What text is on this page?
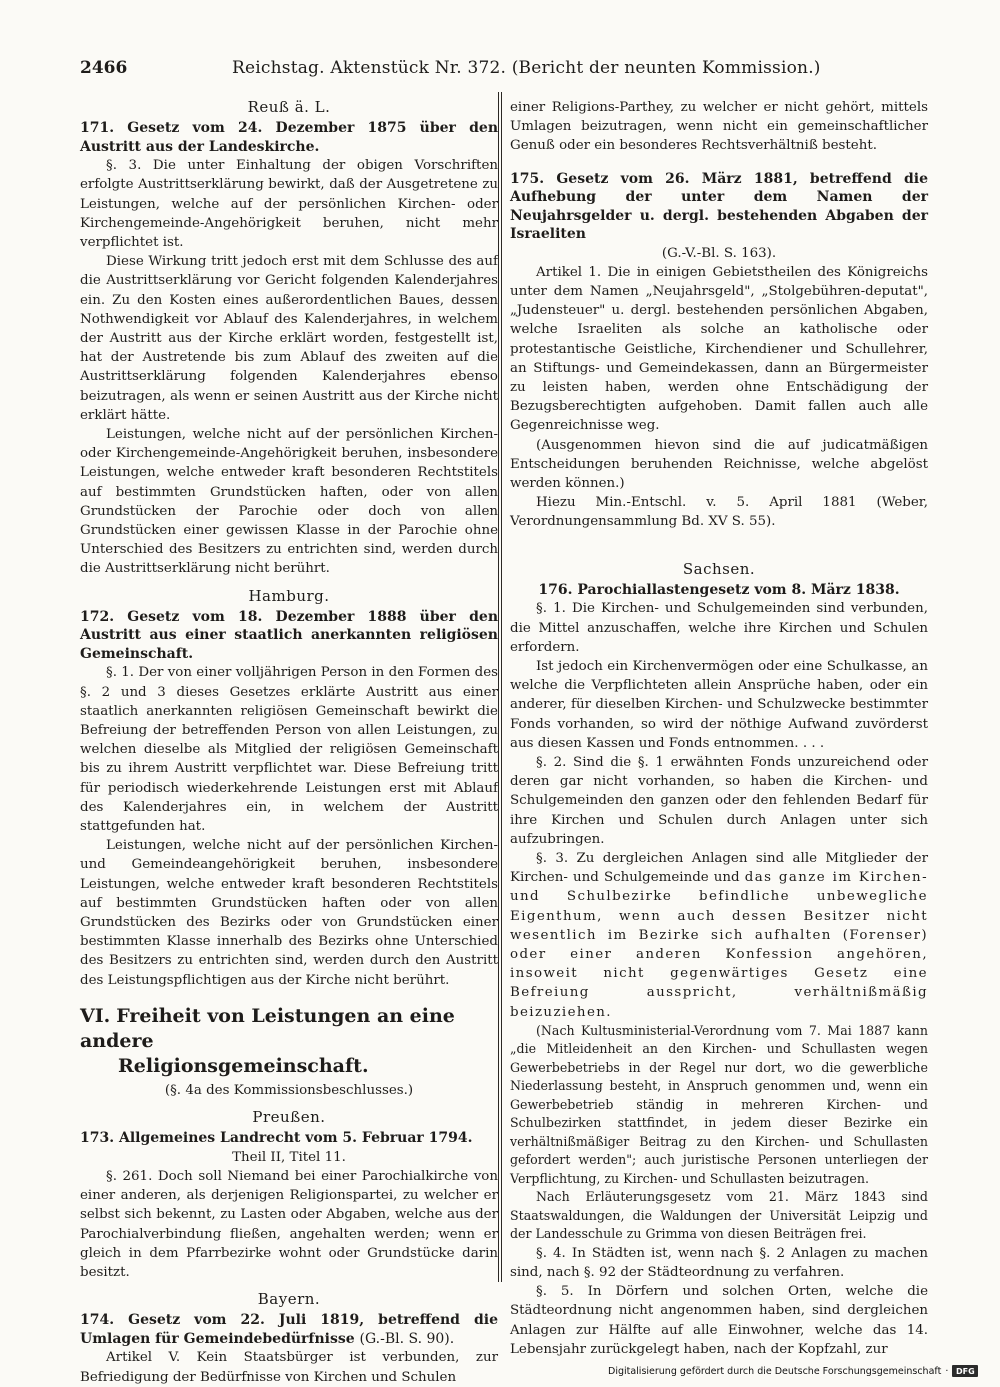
2466	Reichstag. Aktenstück Nr. 372. (Bericht der neunten Kommission.)
Reuß ä. L.

171. Gesetz vom 24. Dezember 1875 über den Austritt aus der Landeskirche.

§. 3. Die unter Einhaltung der obigen Vorschriften erfolgte Austrittserklärung bewirkt, daß der Ausgetretene zu Leistungen, welche auf der persönlichen Kirchen- oder Kirchengemeinde-Angehörigkeit beruhen, nicht mehr verpflichtet ist.

Diese Wirkung tritt jedoch erst mit dem Schlusse des auf die Austrittserklärung vor Gericht folgenden Kalenderjahres ein. Zu den Kosten eines außerordentlichen Baues, dessen Nothwendigkeit vor Ablauf des Kalenderjahres, in welchem der Austritt aus der Kirche erklärt worden, festgestellt ist, hat der Austretende bis zum Ablauf des zweiten auf die Austrittserklärung folgenden Kalenderjahres ebenso beizutragen, als wenn er seinen Austritt aus der Kirche nicht erklärt hätte.

Leistungen, welche nicht auf der persönlichen Kirchen- oder Kirchengemeinde-Angehörigkeit beruhen, insbesondere Leistungen, welche entweder kraft besonderen Rechtstitels auf bestimmten Grundstücken haften, oder von allen Grundstücken der Parochie oder doch von allen Grundstücken einer gewissen Klasse in der Parochie ohne Unterschied des Besitzers zu entrichten sind, werden durch die Austrittserklärung nicht berührt.

Hamburg.

172. Gesetz vom 18. Dezember 1888 über den Austritt aus einer staatlich anerkannten religiösen Gemeinschaft.

§. 1. Der von einer volljährigen Person in den Formen des §. 2 und 3 dieses Gesetzes erklärte Austritt aus einer staatlich anerkannten religiösen Gemeinschaft bewirkt die Befreiung der betreffenden Person von allen Leistungen, zu welchen dieselbe als Mitglied der religiösen Gemeinschaft bis zu ihrem Austritt verpflichtet war. Diese Befreiung tritt für periodisch wiederkehrende Leistungen erst mit Ablauf des Kalenderjahres ein, in welchem der Austritt stattgefunden hat.

Leistungen, welche nicht auf der persönlichen Kirchen- und Gemeindeangehörigkeit beruhen, insbesondere Leistungen, welche entweder kraft besonderen Rechtstitels auf bestimmten Grundstücken haften oder von allen Grundstücken des Bezirks oder von Grundstücken einer bestimmten Klasse innerhalb des Bezirks ohne Unterschied des Besitzers zu entrichten sind, werden durch den Austritt des Leistungspflichtigen aus der Kirche nicht berührt.

VI. Freiheit von Leistungen an eine andere
Religionsgemeinschaft.

(§. 4a des Kommissionsbeschlusses.)

Preußen.

173. Allgemeines Landrecht vom 5. Februar 1794.

Theil II, Titel 11.

§. 261. Doch soll Niemand bei einer Parochialkirche von einer anderen, als derjenigen Religionspartei, zu welcher er selbst sich bekennt, zu Lasten oder Abgaben, welche aus der Parochialverbindung fließen, angehalten werden; wenn er gleich in dem Pfarrbezirke wohnt oder Grundstücke darin besitzt.

Bayern.

174. Gesetz vom 22. Juli 1819, betreffend die Umlagen für Gemeindebedürfnisse (G.-Bl. S. 90).

Artikel V. Kein Staatsbürger ist verbunden, zur Befriedigung der Bedürfnisse von Kirchen und Schulen

einer Religions-Parthey, zu welcher er nicht gehört, mittels Umlagen beizutragen, wenn nicht ein gemeinschaftlicher Genuß oder ein besonderes Rechtsverhältniß besteht.

175. Gesetz vom 26. März 1881, betreffend die Aufhebung der unter dem Namen der Neujahrsgelder u. dergl. bestehenden Abgaben der Israeliten

(G.-V.-Bl. S. 163).

Artikel 1. Die in einigen Gebietstheilen des Königreichs unter dem Namen „Neujahrsgeld", „Stolgebühren-deputat", „Judensteuer" u. dergl. bestehenden persönlichen Abgaben, welche Israeliten als solche an katholische oder protestantische Geistliche, Kirchendiener und Schullehrer, an Stiftungs- und Gemeindekassen, dann an Bürgermeister zu leisten haben, werden ohne Entschädigung der Bezugsberechtigten aufgehoben. Damit fallen auch alle Gegenreichnisse weg.

(Ausgenommen hievon sind die auf judicatmäßigen Entscheidungen beruhenden Reichnisse, welche abgelöst werden können.)

Hiezu Min.-Entschl. v. 5. April 1881 (Weber, Verordnungensammlung Bd. XV S. 55).

Sachsen.

176. Parochiallastengesetz vom 8. März 1838.

§. 1. Die Kirchen- und Schulgemeinden sind verbunden, die Mittel anzuschaffen, welche ihre Kirchen und Schulen erfordern.

Ist jedoch ein Kirchenvermögen oder eine Schulkasse, an welche die Verpflichteten allein Ansprüche haben, oder ein anderer, für dieselben Kirchen- und Schulzwecke bestimmter Fonds vorhanden, so wird der nöthige Aufwand zuvörderst aus diesen Kassen und Fonds entnommen. . . .

§. 2. Sind die §. 1 erwähnten Fonds unzureichend oder deren gar nicht vorhanden, so haben die Kirchen- und Schulgemeinden den ganzen oder den fehlenden Bedarf für ihre Kirchen und Schulen durch Anlagen unter sich aufzubringen.

§. 3. Zu dergleichen Anlagen sind alle Mitglieder der Kirchen- und Schulgemeinde und das ganze im Kirchen- und Schulbezirke befindliche unbewegliche Eigenthum, wenn auch dessen Besitzer nicht wesentlich im Bezirke sich aufhalten (Forenser) oder einer anderen Konfession angehören, insoweit nicht gegenwärtiges Gesetz eine Befreiung ausspricht, verhältnißmäßig beizuziehen.

(Nach Kultusministerial-Verordnung vom 7. Mai 1887 kann „die Mitleidenheit an den Kirchen- und Schullasten wegen Gewerbebetriebs in der Regel nur dort, wo die gewerbliche Niederlassung besteht, in Anspruch genommen und, wenn ein Gewerbebetrieb ständig in mehreren Kirchen- und Schulbezirken stattfindet, in jedem dieser Bezirke ein verhältnißmäßiger Beitrag zu den Kirchen- und Schullasten gefordert werden"; auch juristische Personen unterliegen der Verpflichtung, zu Kirchen- und Schullasten beizutragen.

Nach Erläuterungsgesetz vom 21. März 1843 sind Staatswaldungen, die Waldungen der Universität Leipzig und der Landesschule zu Grimma von diesen Beiträgen frei.

§. 4. In Städten ist, wenn nach §. 2 Anlagen zu machen sind, nach §. 92 der Städteordnung zu verfahren.

§. 5. In Dörfern und solchen Orten, welche die Städteordnung nicht angenommen haben, sind dergleichen Anlagen zur Hälfte auf alle Einwohner, welche das 14. Lebensjahr zurückgelegt haben, nach der Kopfzahl, zur

Digitalisierung gefördert durch die Deutsche Forschungsgemeinschaft · DFG
